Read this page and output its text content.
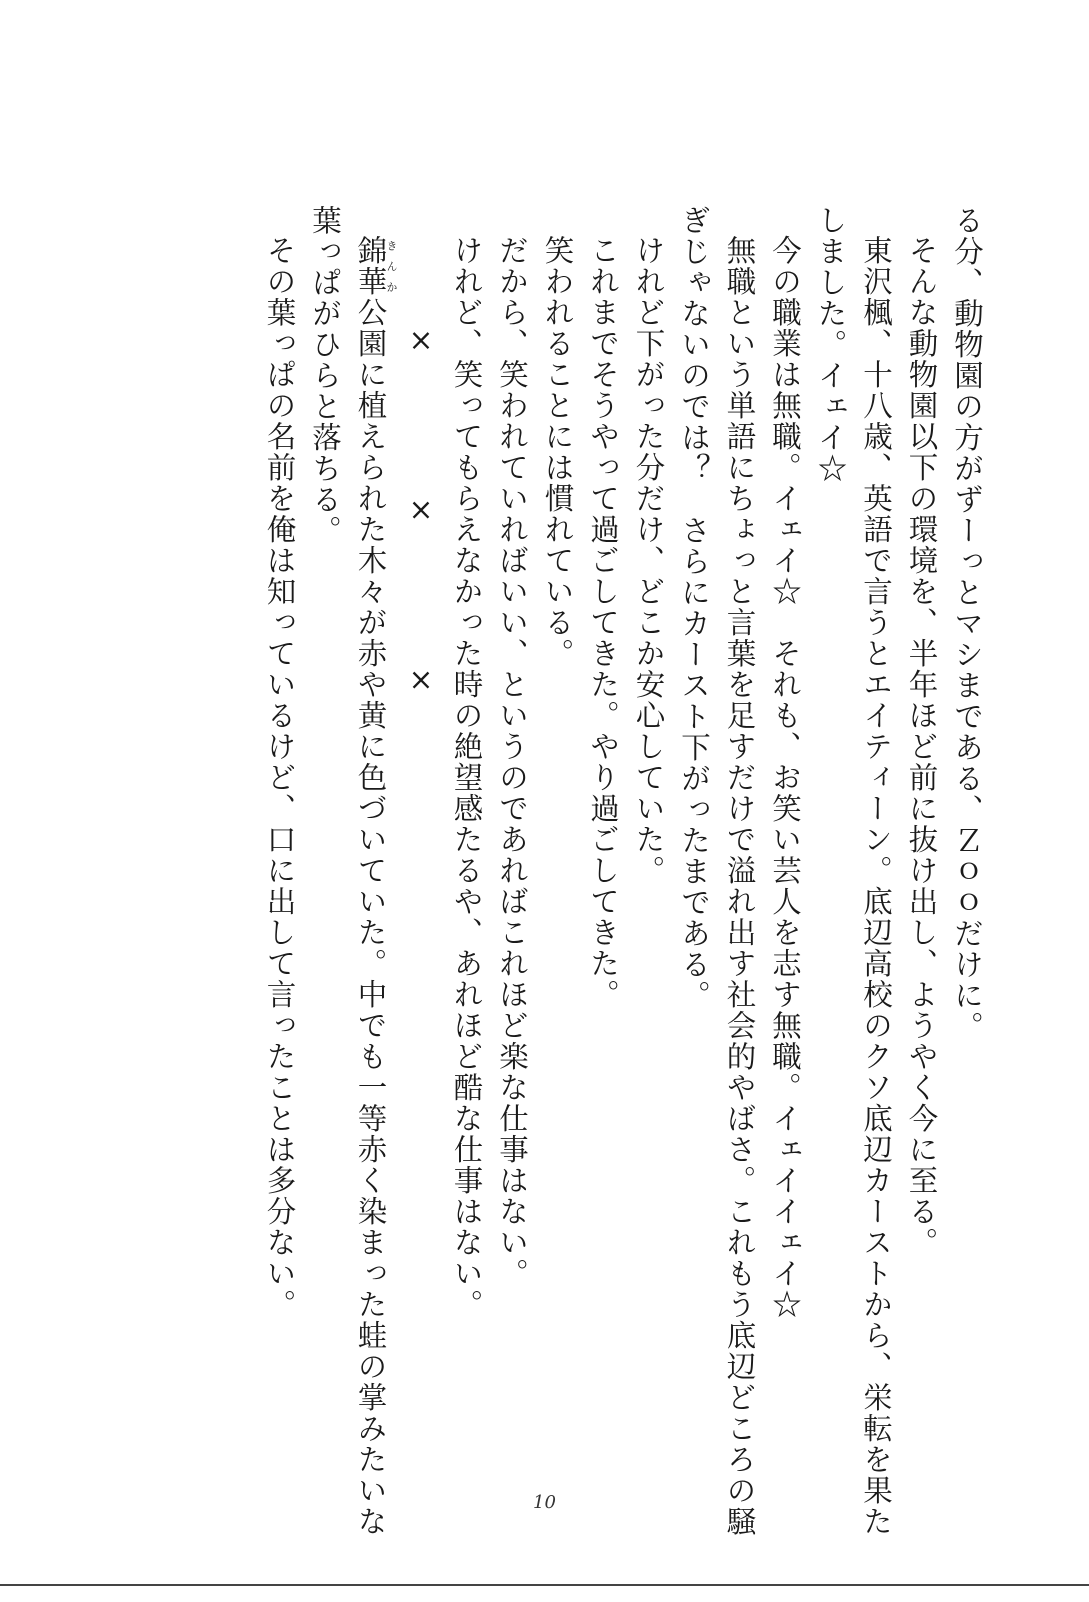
る分、動物園の方がずーっとマシまである、Ｚｏｏだけに。

そんな動物園以下の環境を、半年ほど前に抜け出し、ようやく今に至る。

東沢楓、十八歳、英語で言うとエイティーン。底辺高校のクソ底辺カーストから、栄転を果た

しました。イェイ☆

今の職業は無職。イェイ☆　それも、お笑い芸人を志す無職。イェイイェイ☆

無職という単語にちょっと言葉を足すだけで溢れ出す社会的やばさ。これもう底辺どころの騒

ぎじゃないのでは？　さらにカースト下がったまである。

けれど下がった分だけ、どこか安心していた。

これまでそうやって過ごしてきた。やり過ごしてきた。

笑われることには慣れている。

だから、笑われていればいい、というのであればこれほど楽な仕事はない。

けれど、笑ってもらえなかった時の絶望感たるや、あれほど酷な仕事はない。

×　×　×

錦華きんか公園に植えられた木々が赤や黄に色づいていた。中でも一等赤く染まった蛙の掌みたいな

葉っぱがひらと落ちる。

その葉っぱの名前を俺は知っているけど、口に出して言ったことは多分ない。

10
